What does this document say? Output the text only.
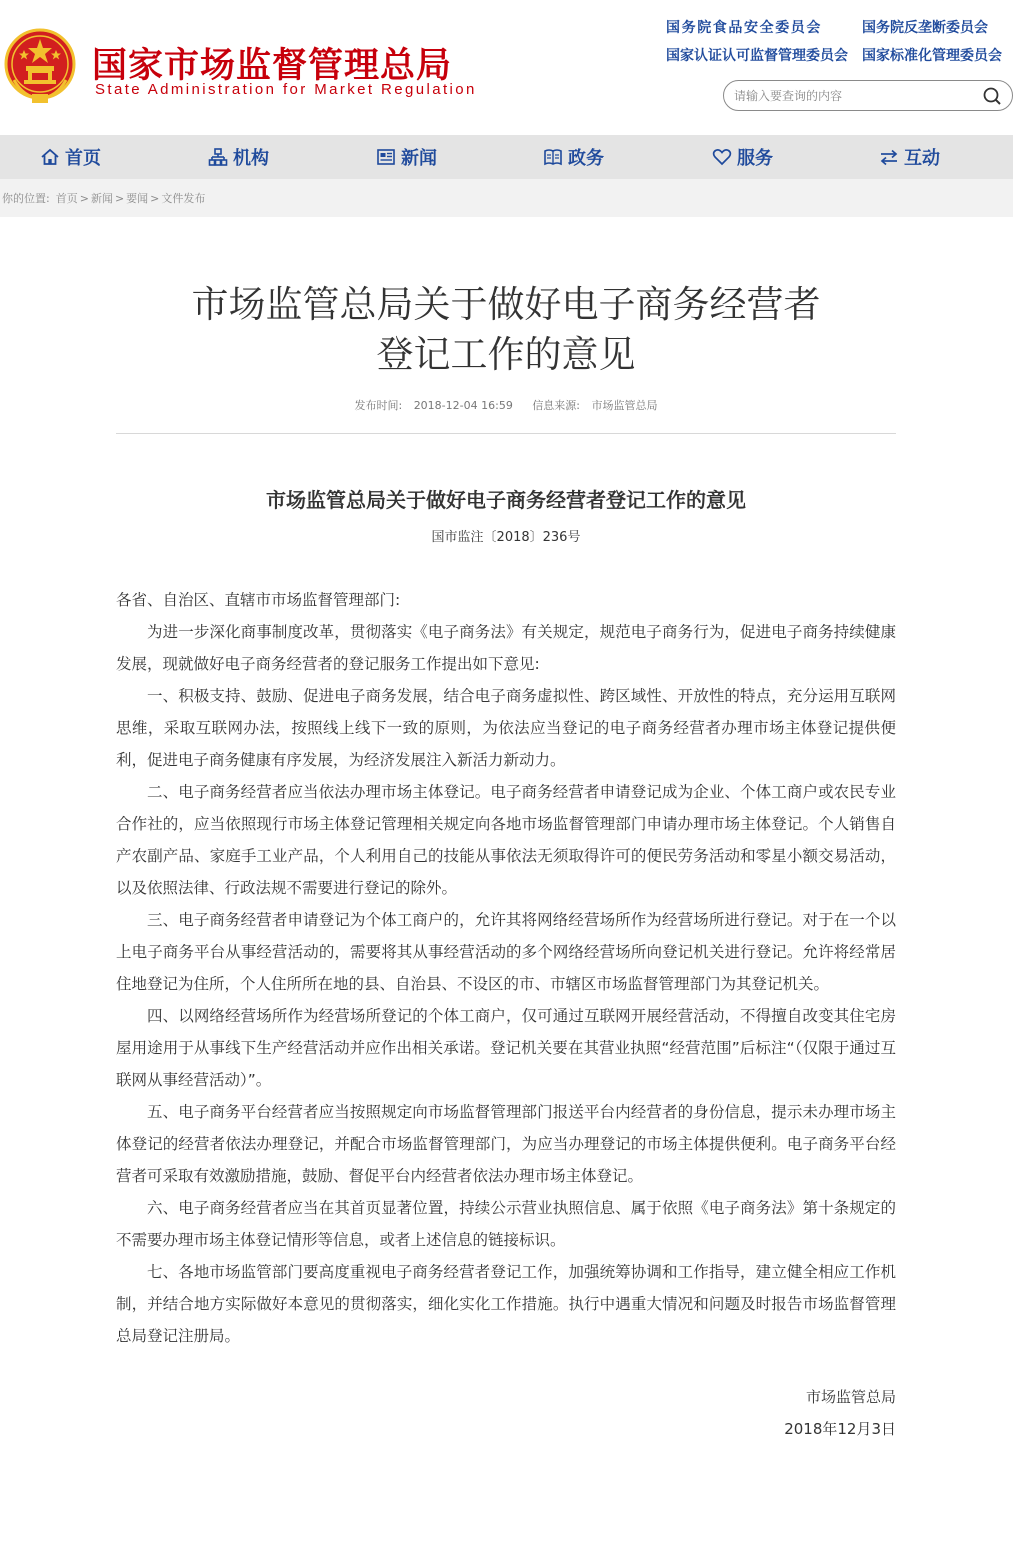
国家市场监督管理总局
State Administration for Market Regulation
国务院食品安全委员会	国务院反垄断委员会
国家认证认可监督管理委员会 国家标准化管理委员会
请输入要查询的内容
首页	机构	新闻	政务	服务	互动
你的位置: 首页 > 新闻 > 要闻 > 文件发布
市场监管总局关于做好电子商务经营者
登记工作的意见
发布时间: 2018-12-04 16:59 信息来源: 市场监管总局
市场监管总局关于做好电子商务经营者登记工作的意见
国市监注〔2018〕236号

各省、自治区、直辖市市场监督管理部门:

为进一步深化商事制度改革，贯彻落实《电子商务法》有关规定，规范电子商务行为，促进电子商务持续健康发展，现就做好电子商务经营者的登记服务工作提出如下意见:

一、积极支持、鼓励、促进电子商务发展，结合电子商务虚拟性、跨区域性、开放性的特点，充分运用互联网思维，采取互联网办法，按照线上线下一致的原则，为依法应当登记的电子商务经营者办理市场主体登记提供便利，促进电子商务健康有序发展，为经济发展注入新活力新动力。

二、电子商务经营者应当依法办理市场主体登记。电子商务经营者申请登记成为企业、个体工商户或农民专业合作社的，应当依照现行市场主体登记管理相关规定向各地市场监督管理部门申请办理市场主体登记。个人销售自产农副产品、家庭手工业产品，个人利用自己的技能从事依法无须取得许可的便民劳务活动和零星小额交易活动，以及依照法律、行政法规不需要进行登记的除外。

三、电子商务经营者申请登记为个体工商户的，允许其将网络经营场所作为经营场所进行登记。对于在一个以上电子商务平台从事经营活动的，需要将其从事经营活动的多个网络经营场所向登记机关进行登记。允许将经常居住地登记为住所，个人住所所在地的县、自治县、不设区的市、市辖区市场监督管理部门为其登记机关。

四、以网络经营场所作为经营场所登记的个体工商户，仅可通过互联网开展经营活动，不得擅自改变其住宅房屋用途用于从事线下生产经营活动并应作出相关承诺。登记机关要在其营业执照“经营范围”后标注“（仅限于通过互联网从事经营活动）”。

五、电子商务平台经营者应当按照规定向市场监督管理部门报送平台内经营者的身份信息，提示未办理市场主体登记的经营者依法办理登记，并配合市场监督管理部门，为应当办理登记的市场主体提供便利。电子商务平台经营者可采取有效激励措施，鼓励、督促平台内经营者依法办理市场主体登记。

六、电子商务经营者应当在其首页显著位置，持续公示营业执照信息、属于依照《电子商务法》第十条规定的不需要办理市场主体登记情形等信息，或者上述信息的链接标识。

七、各地市场监管部门要高度重视电子商务经营者登记工作，加强统筹协调和工作指导，建立健全相应工作机制，并结合地方实际做好本意见的贯彻落实，细化实化工作措施。执行中遇重大情况和问题及时报告市场监督管理总局登记注册局。

市场监管总局
2018年12月3日
